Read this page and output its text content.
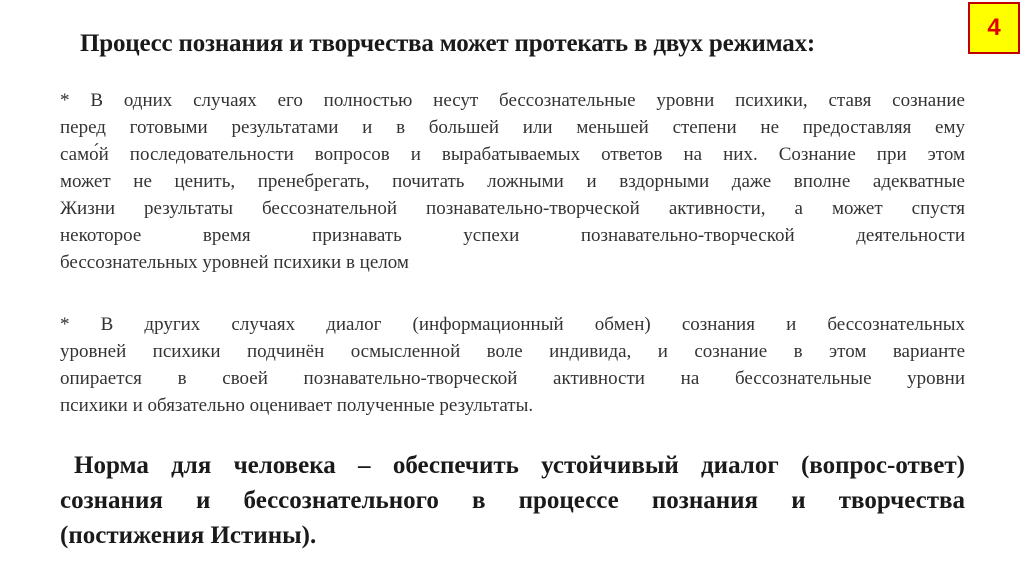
4
Процесс познания и творчества может протекать в двух режимах:
* В одних случаях его полностью несут бессознательные уровни психики, ставя сознание
перед готовыми результатами и в большей или меньшей степени не предоставляя ему
само́й последовательности вопросов и вырабатываемых ответов на них. Сознание при этом
может не ценить, пренебрегать, почитать ложными и вздорными даже вполне адекватные
Жизни результаты бессознательной познавательно-творческой активности, а может спустя
некоторое время признавать успехи познавательно-творческой деятельности
бессознательных уровней психики в целом
* В других случаях диалог (информационный обмен) сознания и бессознательных
уровней психики подчинён осмысленной воле индивида, и сознание в этом варианте
опирается в своей познавательно-творческой активности на бессознательные уровни
психики и обязательно оценивает полученные результаты.
Норма для человека – обеспечить устойчивый диалог (вопрос-ответ)
сознания и бессознательного в процессе познания и творчества
(постижения Истины).
